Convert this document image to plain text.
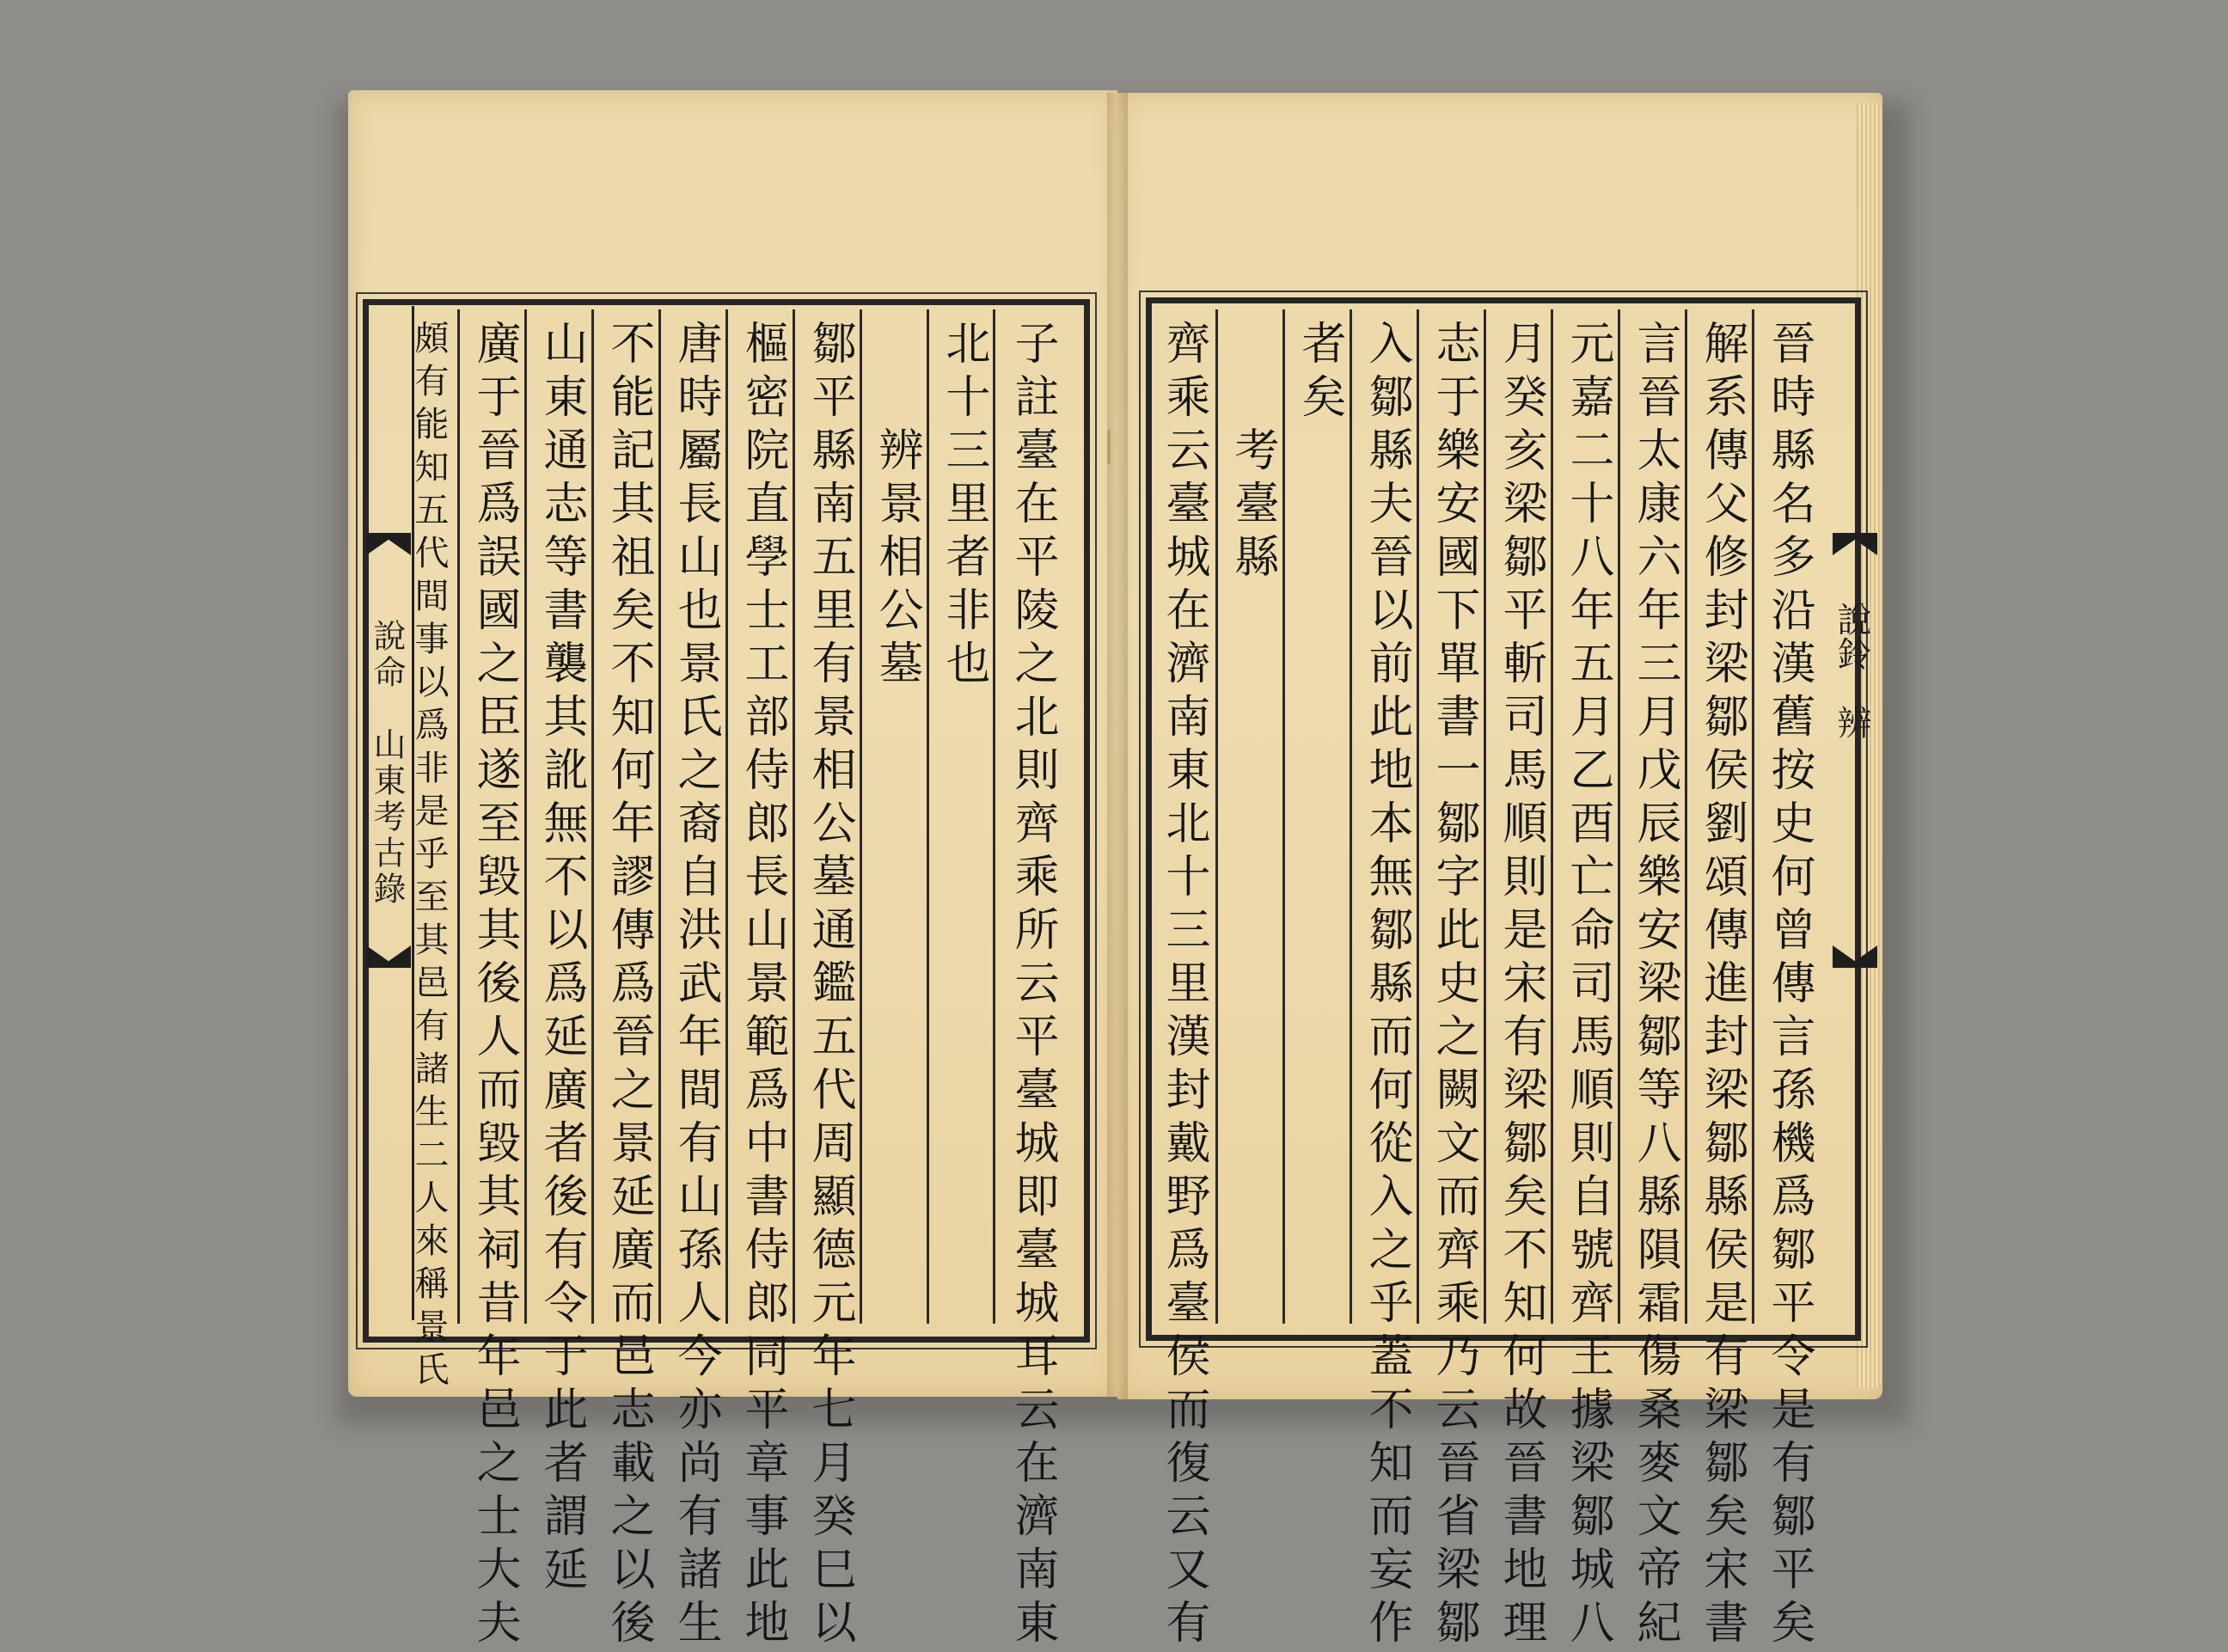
說命　山東考古錄	子註臺在平陵之北則齊乘所云平臺城即臺城耳云在濟南東
北十三里者非也
　　辨景相公墓
鄒平縣南五里有景相公墓通鑑五代周顯德元年七月癸巳以
樞密院直學士工部侍郎長山景範爲中書侍郎同平章事此地
唐時屬長山也景氏之裔自洪武年間有山孫人今亦尚有諸生
不能記其祖矣不知何年謬傳爲晉之景延廣而邑志載之以後
山東通志等書襲其訛無不以爲延廣者後有令于此者謂延
廣于晉爲誤國之臣遂至毀其後人而毀其祠昔年邑之士大夫
頗有能知五代間事以爲非是乎至其邑有諸生二人來稱景氏	說鈴　辨
晉時縣名多沿漢舊按史何曾傳言孫機爲鄒平令是有鄒平矣
解系傳父修封梁鄒侯劉頌傳進封梁鄒縣侯是有梁鄒矣宋書
言晉太康六年三月戊辰樂安梁鄒等八縣隕霜傷桑麥文帝紀
元嘉二十八年五月乙酉亡命司馬順則自號齊王據梁鄒城八
月癸亥梁鄒平斬司馬順則是宋有梁鄒矣不知何故晉書地理
志于樂安國下單書一鄒字此史之闕文而齊乘乃云晉省梁鄒
入鄒縣夫晉以前此地本無鄒縣而何從入之乎蓋不知而妄作
者矣
　　考臺縣
齊乘云臺城在濟南東北十三里漢封戴野爲臺侯而復云又有
